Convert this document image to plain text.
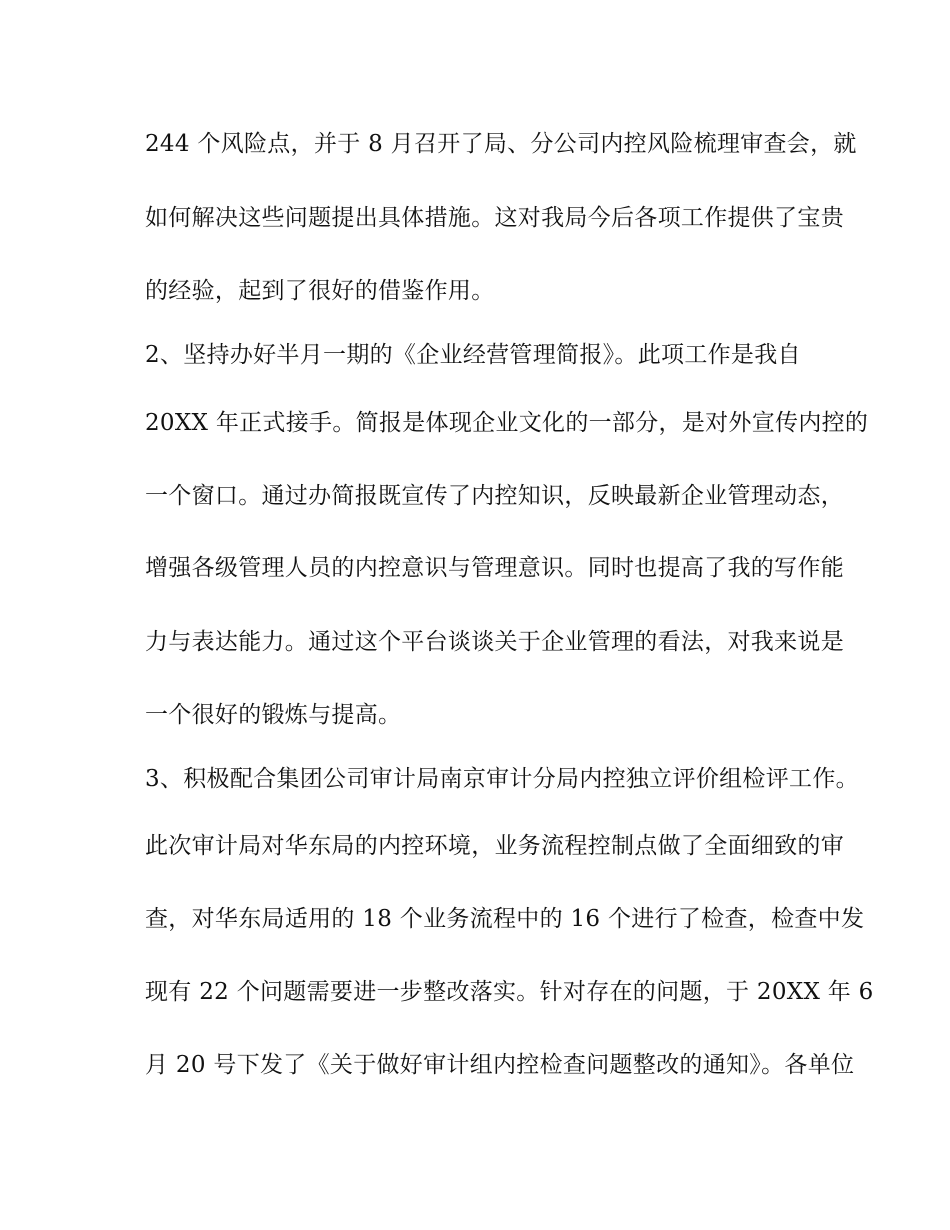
244 个风险点，并于 8 月召开了局、分公司内控风险梳理审查会，就
如何解决这些问题提出具体措施。这对我局今后各项工作提供了宝贵
的经验，起到了很好的借鉴作用。
2、坚持办好半月一期的《企业经营管理简报》。此项工作是我自
20XX 年正式接手。简报是体现企业文化的一部分，是对外宣传内控的
一个窗口。通过办简报既宣传了内控知识，反映最新企业管理动态，
增强各级管理人员的内控意识与管理意识。同时也提高了我的写作能
力与表达能力。通过这个平台谈谈关于企业管理的看法，对我来说是
一个很好的锻炼与提高。
3、积极配合集团公司审计局南京审计分局内控独立评价组检评工作。
此次审计局对华东局的内控环境，业务流程控制点做了全面细致的审
查，对华东局适用的 18 个业务流程中的 16 个进行了检查，检查中发
现有 22 个问题需要进一步整改落实。针对存在的问题，于 20XX 年 6
月 20 号下发了《关于做好审计组内控检查问题整改的通知》。各单位
